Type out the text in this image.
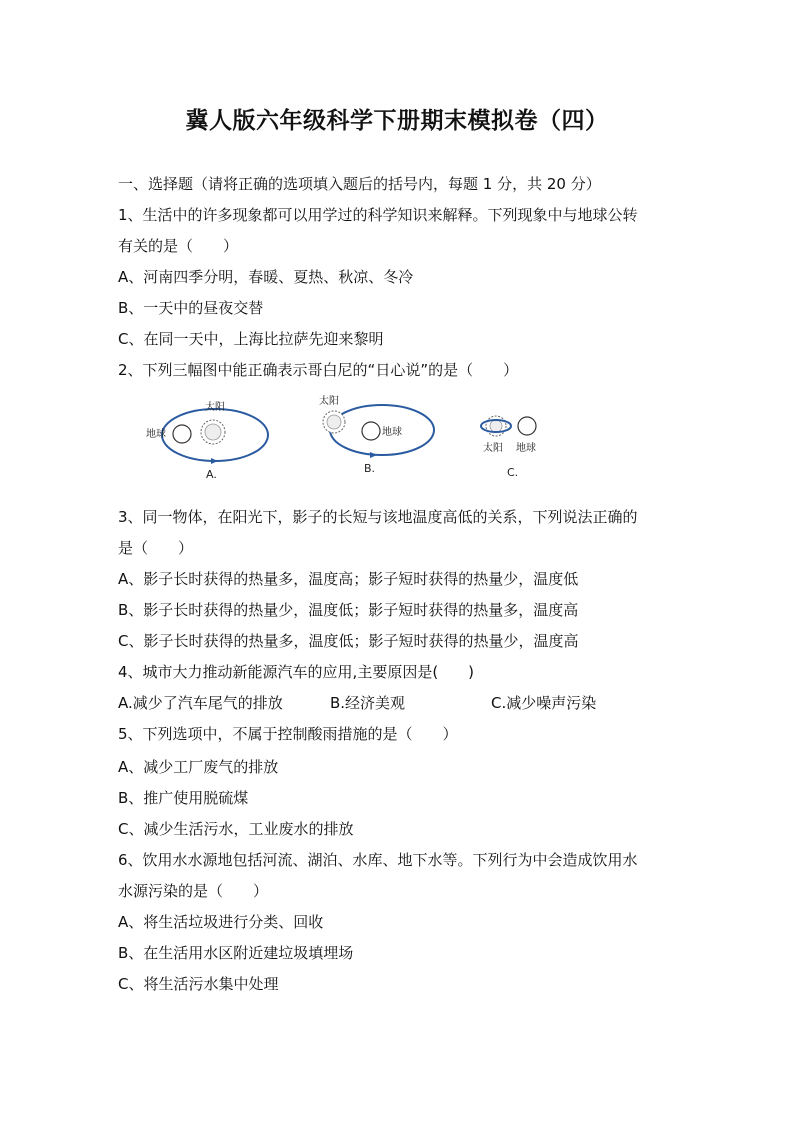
冀人版六年级科学下册期末模拟卷（四）
一、选择题（请将正确的选项填入题后的括号内，每题 1 分，共 20 分）
1、生活中的许多现象都可以用学过的科学知识来解释。下列现象中与地球公转
有关的是（　　）
A、河南四季分明，春暖、夏热、秋凉、冬冷
B、一天中的昼夜交替
C、在同一天中，上海比拉萨先迎来黎明
2、下列三幅图中能正确表示哥白尼的“日心说”的是（　　）
地球
太阳
A.
太阳
地球
B.
太阳 地球
C.
3、同一物体，在阳光下，影子的长短与该地温度高低的关系，下列说法正确的
是（　　）
A、影子长时获得的热量多，温度高；影子短时获得的热量少，温度低
B、影子长时获得的热量少，温度低；影子短时获得的热量多，温度高
C、影子长时获得的热量多，温度低；影子短时获得的热量少，温度高
4、城市大力推动新能源汽车的应用,主要原因是(　　)
A.减少了汽车尾气的排放	B.经济美观	C.减少噪声污染
5、下列选项中，不属于控制酸雨措施的是（　　）
A、减少工厂废气的排放
B、推广使用脱硫煤
C、减少生活污水，工业废水的排放
6、饮用水水源地包括河流、湖泊、水库、地下水等。下列行为中会造成饮用水
水源污染的是（　　）
A、将生活垃圾进行分类、回收
B、在生活用水区附近建垃圾填埋场
C、将生活污水集中处理
